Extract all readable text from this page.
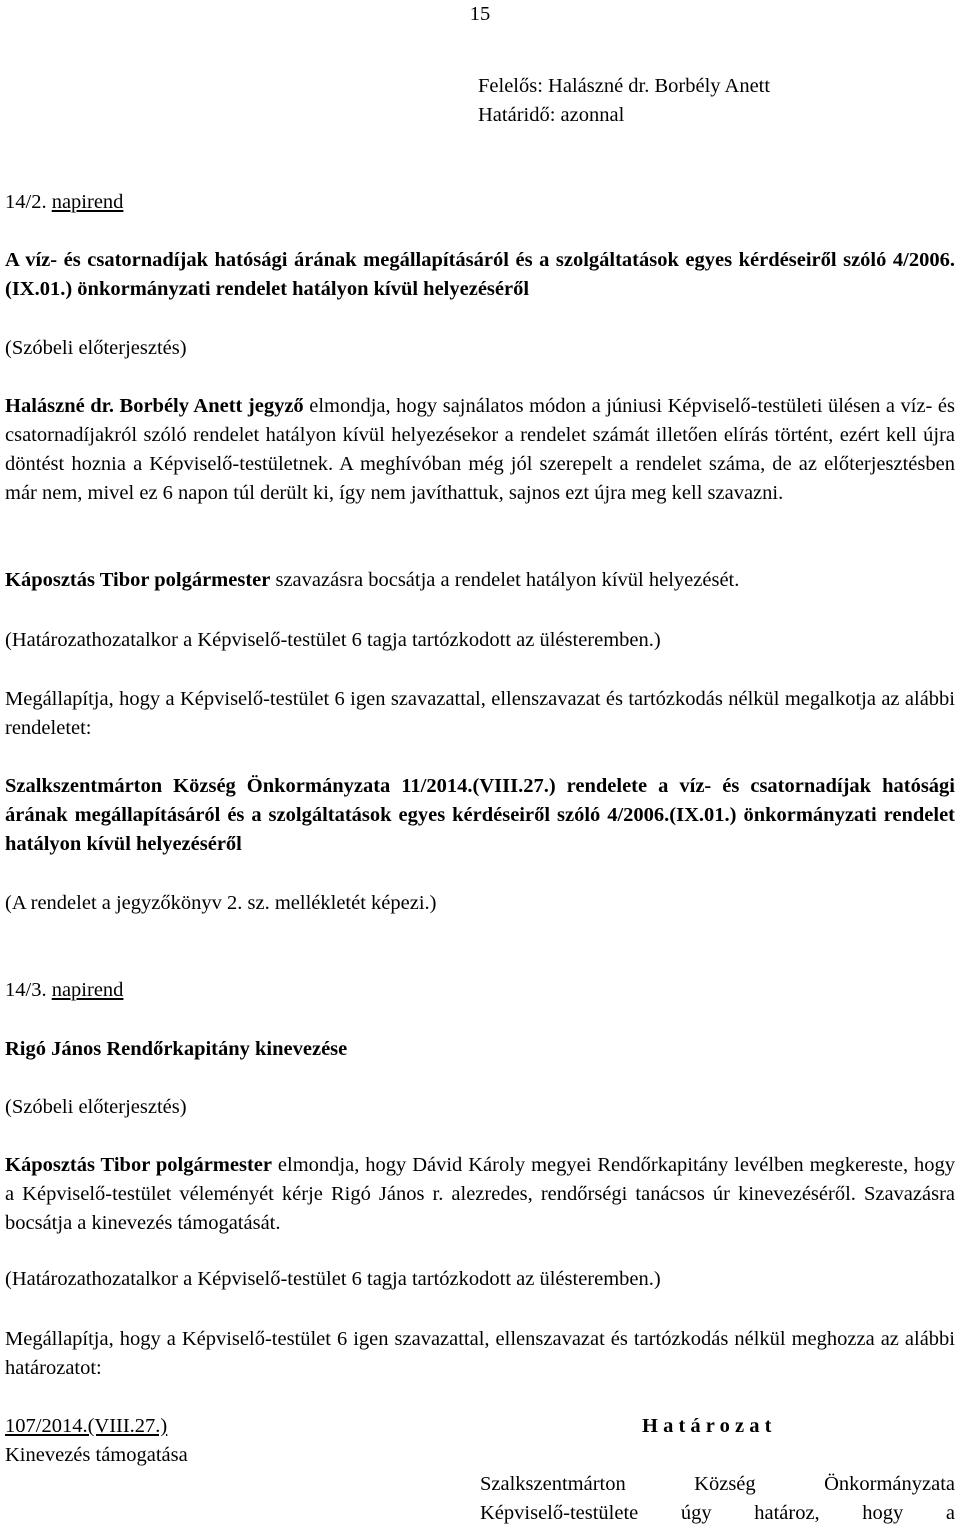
15

Felelős: Halászné dr. Borbély Anett

Határidő: azonnal

14/2. napirend

A víz- és csatornadíjak hatósági árának megállapításáról és a szolgáltatások egyes kérdéseiről szóló 4/2006.(IX.01.) önkormányzati rendelet hatályon kívül helyezéséről

(Szóbeli előterjesztés)

Halászné dr. Borbély Anett jegyző elmondja, hogy sajnálatos módon a júniusi Képviselő-testületi ülésen a víz- és csatornadíjakról szóló rendelet hatályon kívül helyezésekor a rendelet számát illetően elírás történt, ezért kell újra döntést hoznia a Képviselő-testületnek. A meghívóban még jól szerepelt a rendelet száma, de az előterjesztésben már nem, mivel ez 6 napon túl derült ki, így nem javíthattuk, sajnos ezt újra meg kell szavazni.

Káposztás Tibor polgármester szavazásra bocsátja a rendelet hatályon kívül helyezését.

(Határozathozatalkor a Képviselő-testület 6 tagja tartózkodott az ülésteremben.)

Megállapítja, hogy a Képviselő-testület 6 igen szavazattal, ellenszavazat és tartózkodás nélkül megalkotja az alábbi rendeletet:

Szalkszentmárton Község Önkormányzata 11/2014.(VIII.27.) rendelete a víz- és csatornadíjak hatósági árának megállapításáról és a szolgáltatások egyes kérdéseiről szóló 4/2006.(IX.01.) önkormányzati rendelet hatályon kívül helyezéséről

(A rendelet a jegyzőkönyv 2. sz. mellékletét képezi.)

14/3. napirend

Rigó János Rendőrkapitány kinevezése

(Szóbeli előterjesztés)

Káposztás Tibor polgármester elmondja, hogy Dávid Károly megyei Rendőrkapitány levélben megkereste, hogy a Képviselő-testület véleményét kérje Rigó János r. alezredes, rendőrségi tanácsos úr kinevezéséről. Szavazásra bocsátja a kinevezés támogatását.

(Határozathozatalkor a Képviselő-testület 6 tagja tartózkodott az ülésteremben.)

Megállapítja, hogy a Képviselő-testület 6 igen szavazattal, ellenszavazat és tartózkodás nélkül meghozza az alábbi határozatot:

107/2014.(VIII.27.)

Kinevezés támogatása

H a t á r o z a t

Szalkszentmárton Község Önkormányzata

Képviselő-testülete úgy határoz, hogy a
